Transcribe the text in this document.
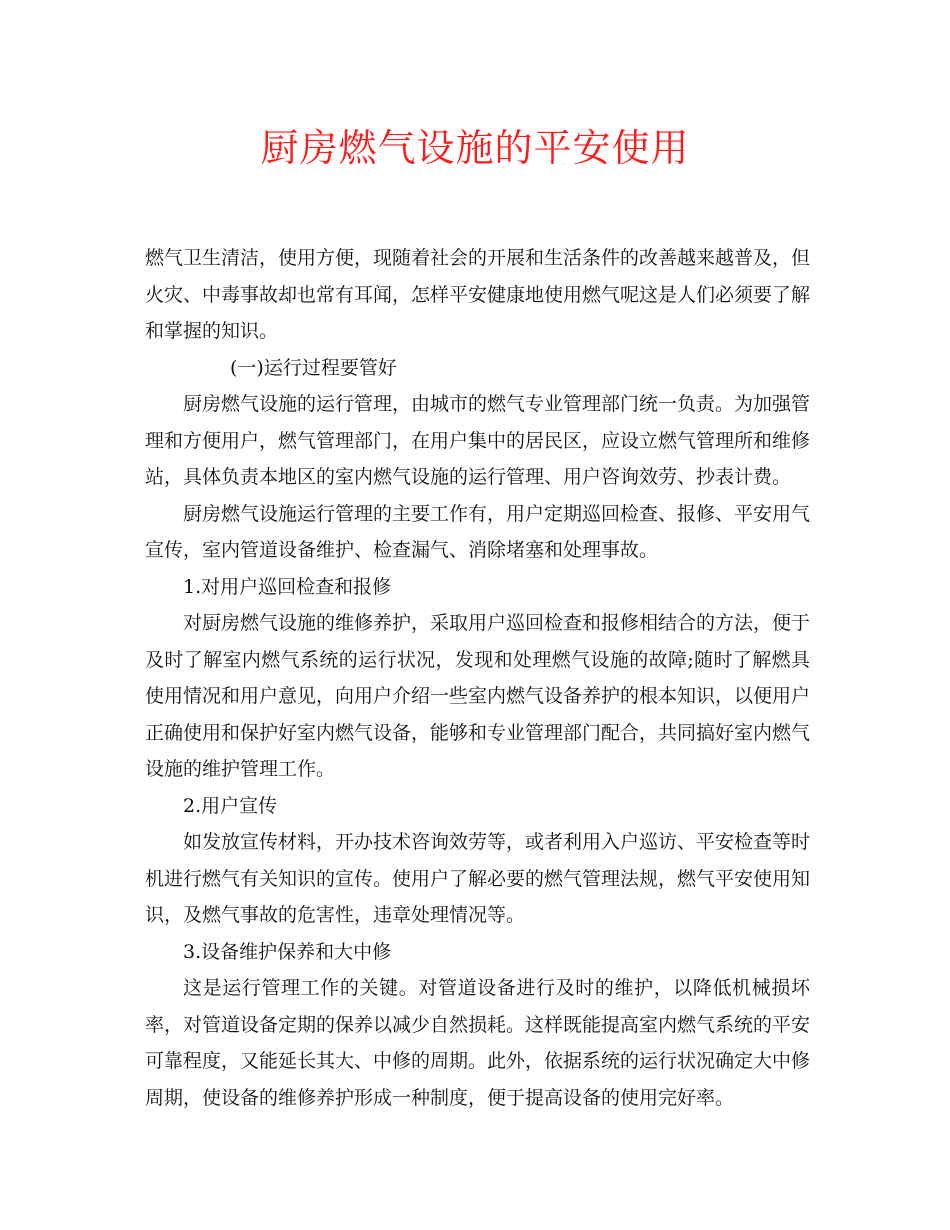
厨房燃气设施的平安使用

燃气卫生清洁，使用方便，现随着社会的开展和生活条件的改善越来越普及，但火灾、中毒事故却也常有耳闻，怎样平安健康地使用燃气呢这是人们必须要了解和掌握的知识。

(一)运行过程要管好

厨房燃气设施的运行管理，由城市的燃气专业管理部门统一负责。为加强管理和方便用户，燃气管理部门，在用户集中的居民区，应设立燃气管理所和维修站，具体负责本地区的室内燃气设施的运行管理、用户咨询效劳、抄表计费。

厨房燃气设施运行管理的主要工作有，用户定期巡回检查、报修、平安用气宣传，室内管道设备维护、检查漏气、消除堵塞和处理事故。

1.对用户巡回检查和报修

对厨房燃气设施的维修养护，采取用户巡回检查和报修相结合的方法，便于及时了解室内燃气系统的运行状况，发现和处理燃气设施的故障;随时了解燃具使用情况和用户意见，向用户介绍一些室内燃气设备养护的根本知识，以便用户正确使用和保护好室内燃气设备，能够和专业管理部门配合，共同搞好室内燃气设施的维护管理工作。

2.用户宣传

如发放宣传材料，开办技术咨询效劳等，或者利用入户巡访、平安检查等时机进行燃气有关知识的宣传。使用户了解必要的燃气管理法规，燃气平安使用知识，及燃气事故的危害性，违章处理情况等。

3.设备维护保养和大中修

这是运行管理工作的关键。对管道设备进行及时的维护，以降低机械损坏率，对管道设备定期的保养以减少自然损耗。这样既能提高室内燃气系统的平安可靠程度，又能延长其大、中修的周期。此外，依据系统的运行状况确定大中修周期，使设备的维修养护形成一种制度，便于提高设备的使用完好率。
